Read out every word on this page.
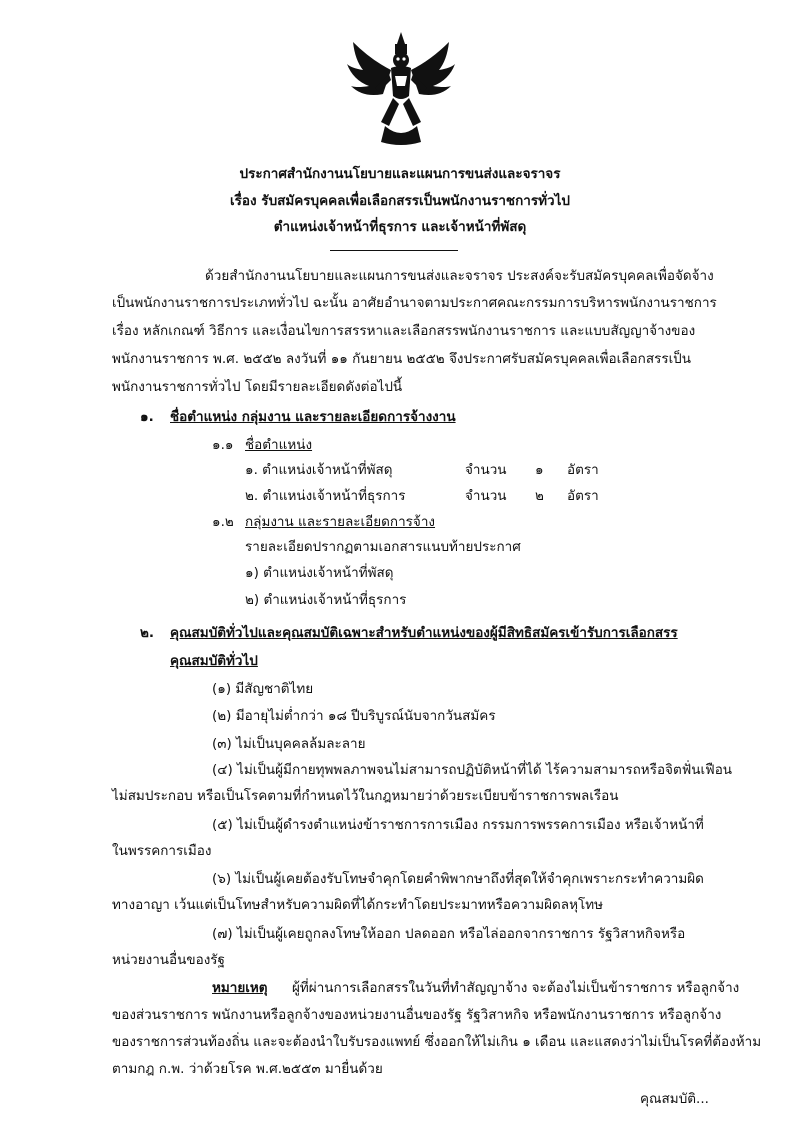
ประกาศสำนักงานนโยบายและแผนการขนส่งและจราจร
เรื่อง รับสมัครบุคคลเพื่อเลือกสรรเป็นพนักงานราชการทั่วไป
ตำแหน่งเจ้าหน้าที่ธุรการ และเจ้าหน้าที่พัสดุ
ด้วยสำนักงานนโยบายและแผนการขนส่งและจราจร ประสงค์จะรับสมัครบุคคลเพื่อจัดจ้าง
เป็นพนักงานราชการประเภททั่วไป ฉะนั้น อาศัยอำนาจตามประกาศคณะกรรมการบริหารพนักงานราชการ
เรื่อง หลักเกณฑ์ วิธีการ และเงื่อนไขการสรรหาและเลือกสรรพนักงานราชการ และแบบสัญญาจ้างของ
พนักงานราชการ พ.ศ. ๒๕๕๒ ลงวันที่ ๑๑ กันยายน ๒๕๕๒ จึงประกาศรับสมัครบุคคลเพื่อเลือกสรรเป็น
พนักงานราชการทั่วไป โดยมีรายละเอียดดังต่อไปนี้
๑. ชื่อตำแหน่ง กลุ่มงาน และรายละเอียดการจ้างงาน
๑.๑ ชื่อตำแหน่ง
๑. ตำแหน่งเจ้าหน้าที่พัสดุ	จำนวน ๑ อัตรา
๒. ตำแหน่งเจ้าหน้าที่ธุรการ	จำนวน ๒ อัตรา
๑.๒ กลุ่มงาน และรายละเอียดการจ้าง
รายละเอียดปรากฏตามเอกสารแนบท้ายประกาศ
๑) ตำแหน่งเจ้าหน้าที่พัสดุ
๒) ตำแหน่งเจ้าหน้าที่ธุรการ
๒. คุณสมบัติทั่วไปและคุณสมบัติเฉพาะสำหรับตำแหน่งของผู้มีสิทธิสมัครเข้ารับการเลือกสรร
คุณสมบัติทั่วไป
(๑) มีสัญชาติไทย
(๒) มีอายุไม่ต่ำกว่า ๑๘ ปีบริบูรณ์นับจากวันสมัคร
(๓) ไม่เป็นบุคคลล้มละลาย
(๔) ไม่เป็นผู้มีกายทุพพลภาพจนไม่สามารถปฏิบัติหน้าที่ได้ ไร้ความสามารถหรือจิตฟั่นเฟือน
ไม่สมประกอบ หรือเป็นโรคตามที่กำหนดไว้ในกฎหมายว่าด้วยระเบียบข้าราชการพลเรือน
(๕) ไม่เป็นผู้ดำรงตำแหน่งข้าราชการการเมือง กรรมการพรรคการเมือง หรือเจ้าหน้าที่
ในพรรคการเมือง
(๖) ไม่เป็นผู้เคยต้องรับโทษจำคุกโดยคำพิพากษาถึงที่สุดให้จำคุกเพราะกระทำความผิด
ทางอาญา เว้นแต่เป็นโทษสำหรับความผิดที่ได้กระทำโดยประมาทหรือความผิดลหุโทษ
(๗) ไม่เป็นผู้เคยถูกลงโทษให้ออก ปลดออก หรือไล่ออกจากราชการ รัฐวิสาหกิจหรือ
หน่วยงานอื่นของรัฐ
หมายเหตุ ผู้ที่ผ่านการเลือกสรรในวันที่ทำสัญญาจ้าง จะต้องไม่เป็นข้าราชการ หรือลูกจ้าง
ของส่วนราชการ พนักงานหรือลูกจ้างของหน่วยงานอื่นของรัฐ รัฐวิสาหกิจ หรือพนักงานราชการ หรือลูกจ้าง
ของราชการส่วนท้องถิ่น และจะต้องนำใบรับรองแพทย์ ซึ่งออกให้ไม่เกิน ๑ เดือน และแสดงว่าไม่เป็นโรคที่ต้องห้าม
ตามกฎ ก.พ. ว่าด้วยโรค พ.ศ.๒๕๕๓ มายื่นด้วย
คุณสมบัติ...
